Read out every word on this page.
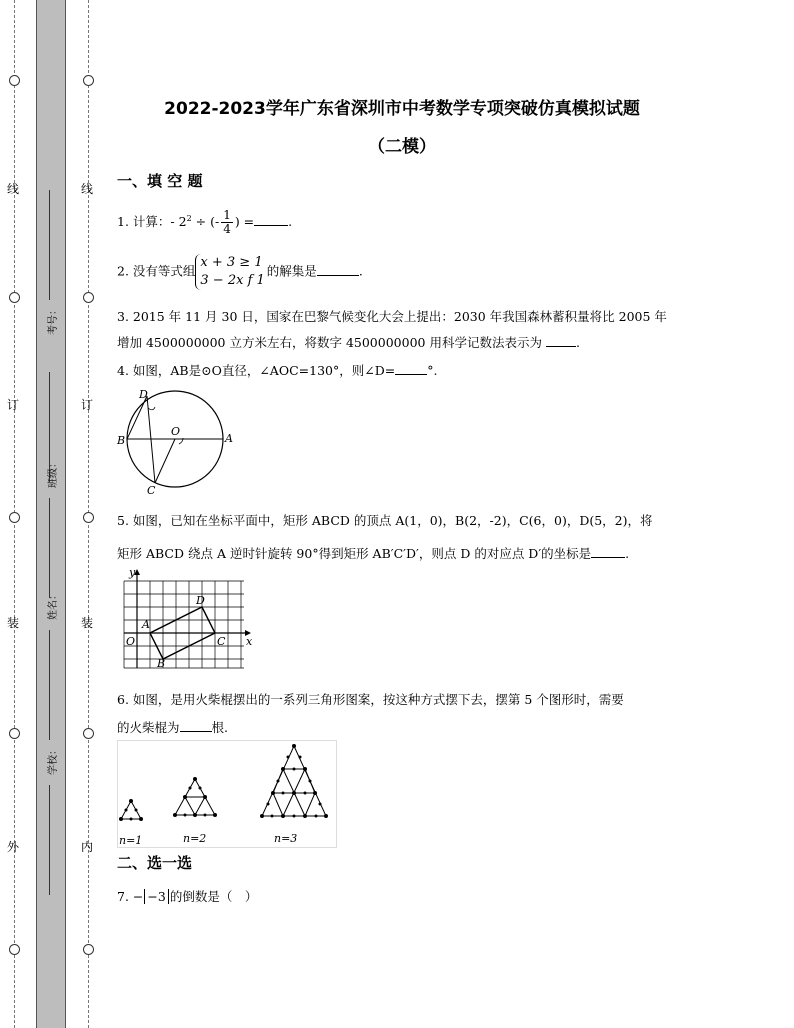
线
订
装
外
线
订
装
内
考号：
班级：
姓名：
学校：
2022-2023学年广东省深圳市中考数学专项突破仿真模拟试题
（二模）
一、填 空 题
1. 计算：- $2^2$ ÷ (- $\frac{1}{4}$ ) =	.
2. 没有等式组
x + 3 ≥ 1
3 − 2x f 1
的解集是	.
3. 2015 年 11 月 30 日，国家在巴黎气候变化大会上提出：2030 年我国森林蓄积量将比 2005 年
增加 4500000000 立方米左右，将数字 4500000000 用科学记数法表示为	.
4. 如图，AB是⊙O直径，∠AOC=130°，则∠D=	°.
D
B
O
A
C
5. 如图，已知在坐标平面中，矩形 ABCD 的顶点 A(1，0)，B(2，-2)，C(6，0)，D(5，2)，将
矩形 ABCD 绕点 A 逆时针旋转 90°得到矩形 AB′C′D′，则点 D 的对应点 D′的坐标是	.
y
x
O
A
B
C
D
6. 如图，是用火柴棍摆出的一系列三角形图案，按这种方式摆下去，摆第 5 个图形时，需要
的火柴棍为	根.
n=1	n=2	n=3
二、选一选
7. − −3 的倒数是（　）
